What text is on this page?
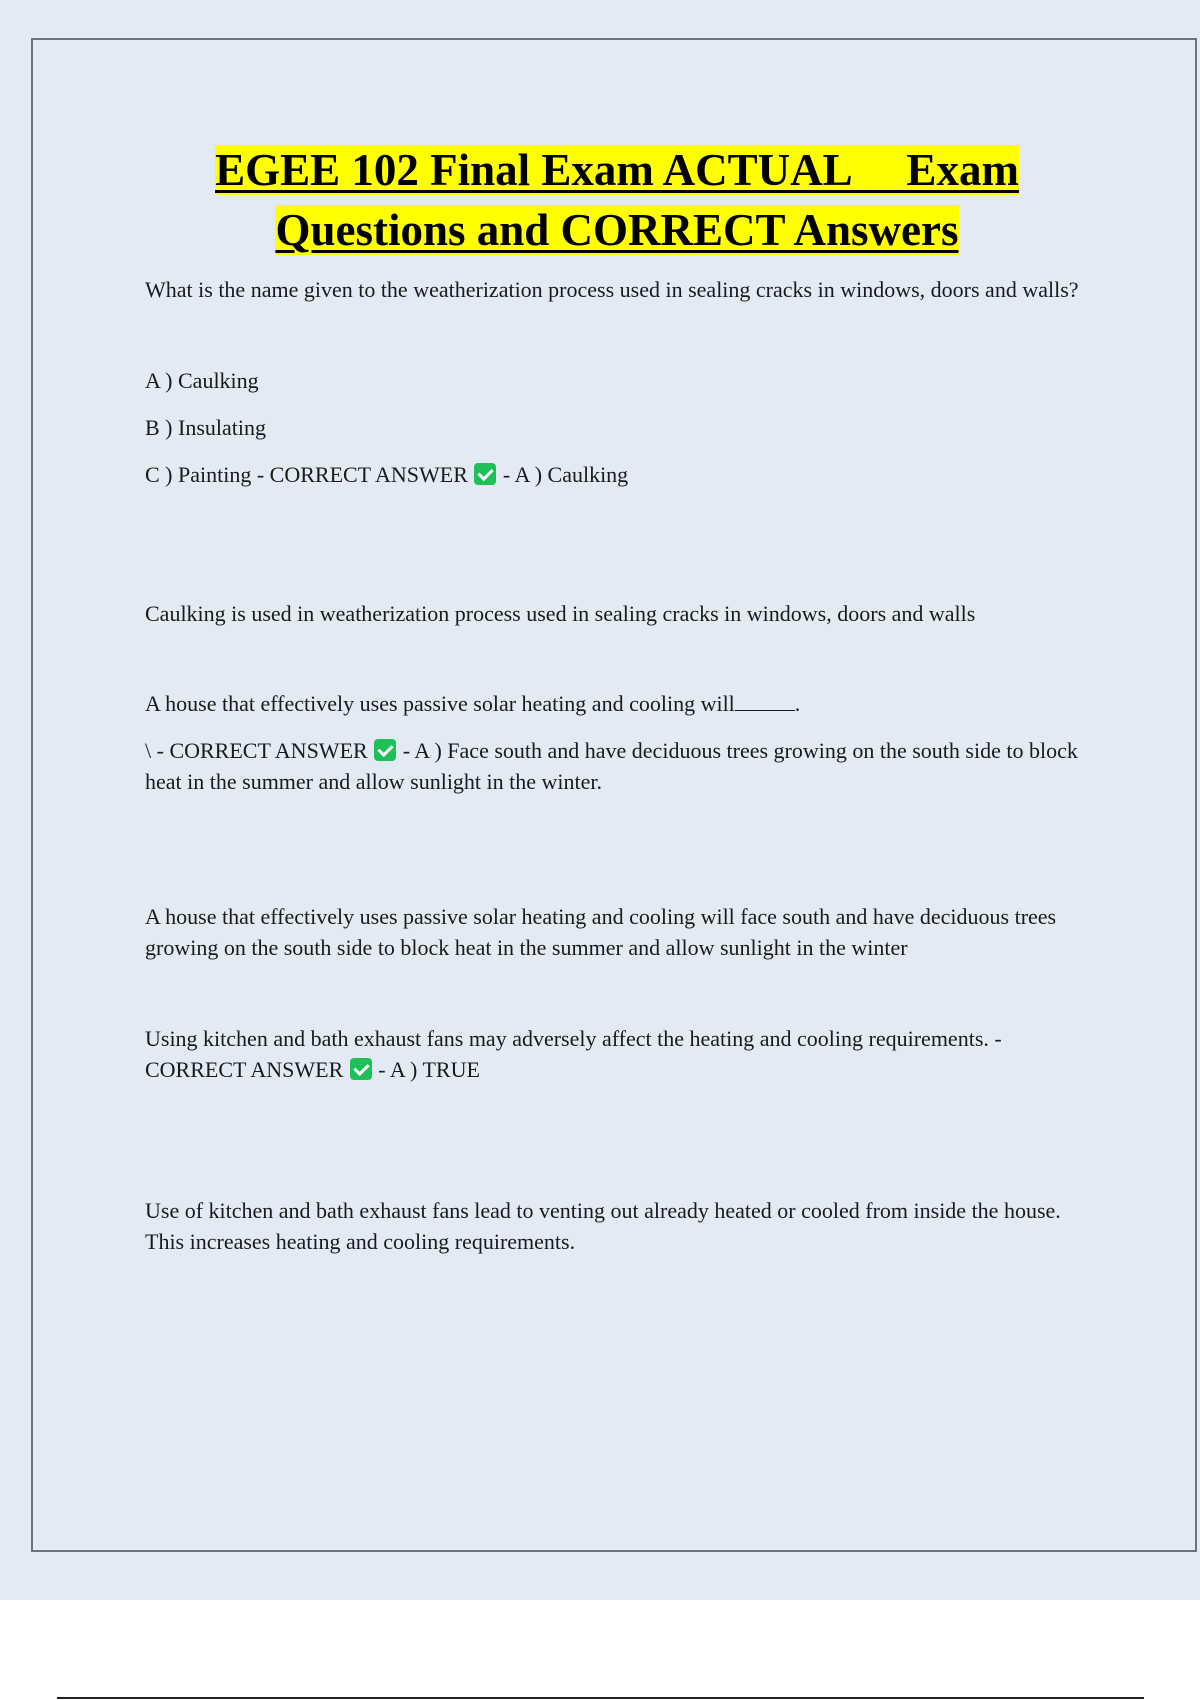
EGEE 102 Final Exam ACTUAL     Exam
Questions and CORRECT Answers

What is the name given to the weatherization process used in sealing cracks in windows, doors and walls?

A ) Caulking

B ) Insulating

C ) Painting - CORRECT ANSWER - A ) Caulking

Caulking is used in weatherization process used in sealing cracks in windows, doors and walls

A house that effectively uses passive solar heating and cooling will	.

\ - CORRECT ANSWER - A ) Face south and have deciduous trees growing on the south side to block heat in the summer and allow sunlight in the winter.

A house that effectively uses passive solar heating and cooling will face south and have deciduous trees growing on the south side to block heat in the summer and allow sunlight in the winter

Using kitchen and bath exhaust fans may adversely affect the heating and cooling requirements. - CORRECT ANSWER - A ) TRUE

Use of kitchen and bath exhaust fans lead to venting out already heated or cooled from inside the house. This increases heating and cooling requirements.
